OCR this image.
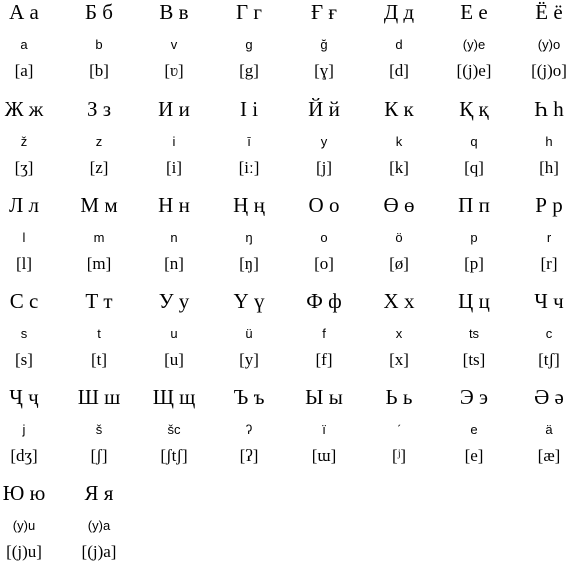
А а
a
[a]
Б б
b
[b]
В в
v
[ʋ]
Г г
g
[g]
Ғ ғ
ğ
[ɣ]
Д д
d
[d]
Е е
(y)e
[(j)e]
Ё ё
(y)o
[(j)o]
Ж ж
ž
[ʒ]
З з
z
[z]
И и
i
[i]
І і
ī
[iː]
Й й
y
[j]
К к
k
[k]
Қ қ
q
[q]
Һ һ
h
[h]
Л л
l
[l]
М м
m
[m]
Н н
n
[n]
Ң ң
ŋ
[ŋ]
О о
o
[o]
Ө ө
ö
[ø]
П п
p
[p]
Р р
r
[r]
С с
s
[s]
Т т
t
[t]
У у
u
[u]
Ү ү
ü
[y]
Ф ф
f
[f]
Х х
x
[x]
Ц ц
ts
[ts]
Ч ч
c
[tʃ]
Ҷ ҷ
j
[dʒ]
Ш ш
š
[ʃ]
Щ щ
šc
[ʃtʃ]
Ъ ъ
ʔ
[ʔ]
Ы ы
ï
[ɯ]
Ь ь
ˊ
[ʲ]
Э э
e
[e]
Ә ә
ä
[æ]
Ю ю
(y)u
[(j)u]
Я я
(y)a
[(j)a]
